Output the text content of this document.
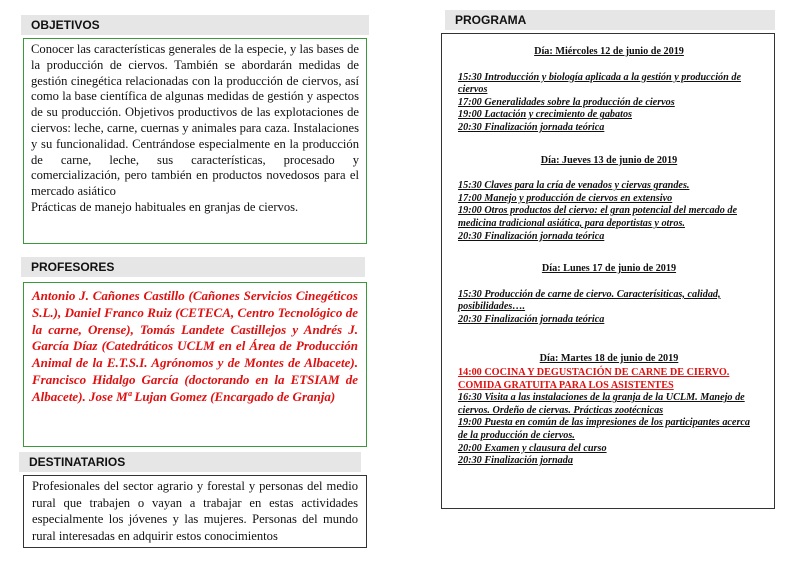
OBJETIVOS

Conocer las características generales de la especie, y las bases de la producción de ciervos. También se abordarán medidas de gestión cinegética relacionadas con la producción de ciervos, así como la base científica de algunas medidas de gestión y aspectos de su producción. Objetivos productivos de las explotaciones de ciervos: leche, carne, cuernas y animales para caza. Instalaciones y su funcionalidad. Centrándose especialmente en la producción de carne, leche, sus características, procesado y comercialización, pero también en productos novedosos para el mercado asiático

Prácticas de manejo habituales en granjas de ciervos.

PROFESORES
Antonio J. Cañones Castillo (Cañones Servicios Cinegéticos S.L.), Daniel Franco Ruiz (CETECA, Centro Tecnológico de la carne, Orense), Tomás Landete Castillejos y Andrés J. García Díaz (Catedráticos UCLM en el Área de Producción Animal de la E.T.S.I. Agrónomos y de Montes de Albacete). Francisco Hidalgo García (doctorando en la ETSIAM de Albacete). Jose Mª Lujan Gomez (Encargado de Granja)
DESTINATARIOS
Profesionales del sector agrario y forestal y personas del medio rural que trabajen o vayan a trabajar en estas actividades especialmente los jóvenes y las mujeres. Personas del mundo rural interesadas en adquirir estos conocimientos
PROGRAMA
Día: Miércoles 12 de junio de 2019

15:30 Introducción y biología aplicada a la gestión y producción de ciervos

17:00 Generalidades sobre la producción de ciervos

19:00 Lactación y crecimiento de gabatos

20:30 Finalización jornada teórica

Día: Jueves 13 de junio de 2019

15:30 Claves para la cría de venados y ciervas grandes.

17:00 Manejo y producción de ciervos en extensivo

19:00 Otros productos del ciervo: el gran potencial del mercado de medicina tradicional asiática, para deportistas y otros.

20:30 Finalización jornada teórica

Día: Lunes 17 de junio de 2019

15:30 Producción de carne de ciervo. Caracterísiticas, calidad, posibilidades….

20:30 Finalización jornada teórica

Día: Martes 18 de junio de 2019

14:00 COCINA Y DEGUSTACIÓN DE CARNE DE CIERVO. COMIDA GRATUITA PARA LOS ASISTENTES

16:30 Visita a las instalaciones de la granja de la UCLM. Manejo de ciervos. Ordeño de ciervas. Prácticas zootécnicas

19:00 Puesta en común de las impresiones de los participantes acerca de la producción de ciervos.

20:00 Examen y clausura del curso

20:30 Finalización jornada
